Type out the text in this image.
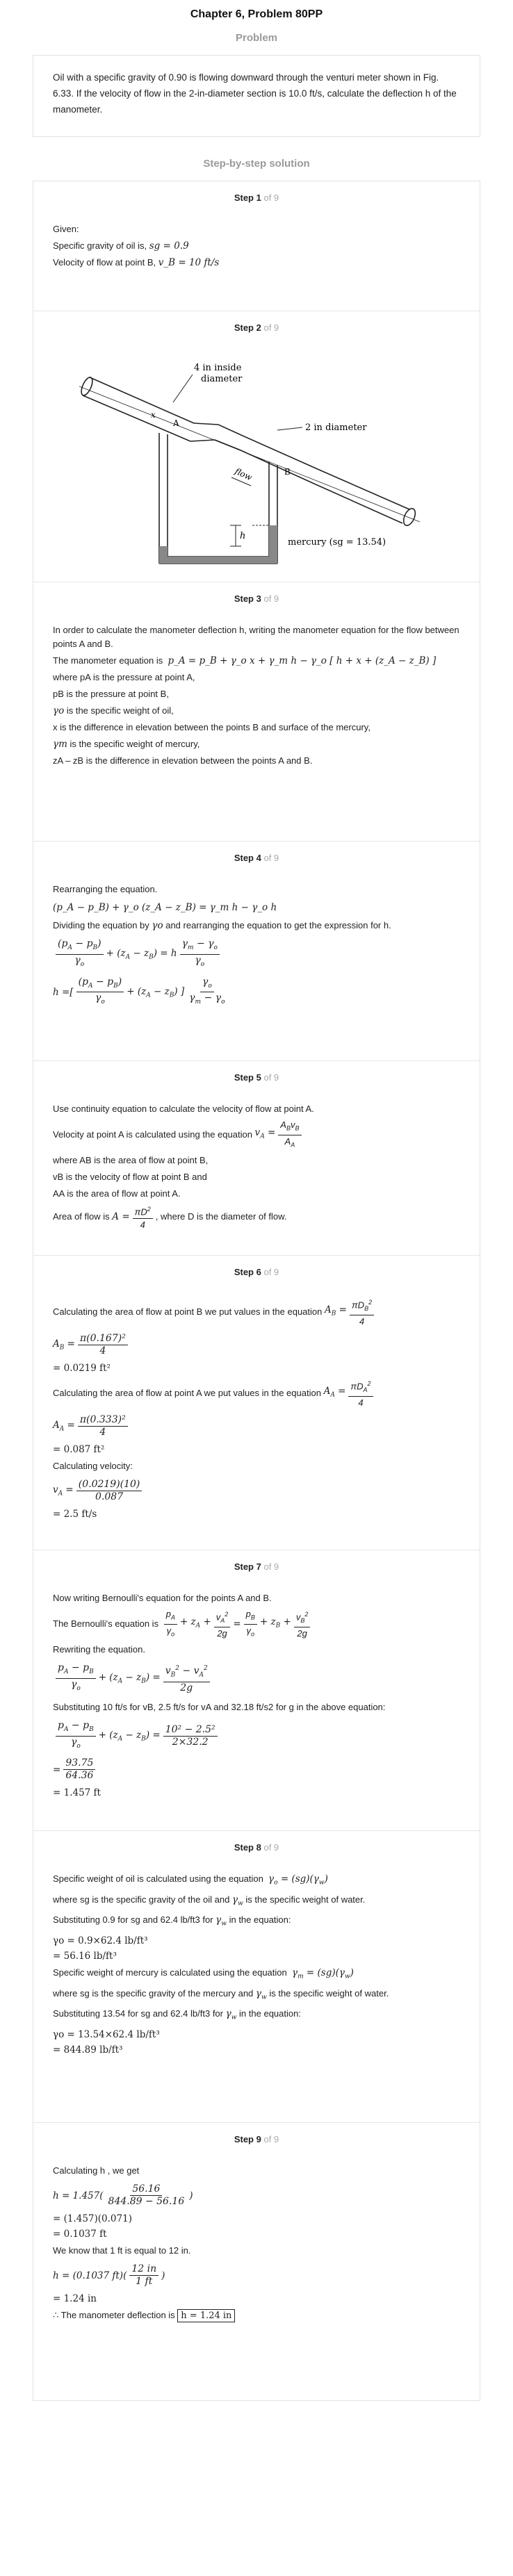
Chapter 6, Problem 80PP
Problem
Oil with a specific gravity of 0.90 is flowing downward through the venturi meter shown in Fig. 6.33. If the velocity of flow in the 2-in-diameter section is 10.0 ft/s, calculate the deflection h of the manometer.
Step-by-step solution
Step 1 of 9
Given:
Specific gravity of oil is, sg = 0.9
Velocity of flow at point B, v_B = 10 ft/s
Step 2 of 9
h
4 in inside
diameter
2 in diameter
A
B
x
flow
mercury (sg = 13.54)
Step 3 of 9
In order to calculate the manometer deflection h, writing the manometer equation for the flow between points A and B.
The manometer equation is p_A = p_B + γ_o x + γ_m h − γ_o [ h + x + (z_A − z_B) ]
where pA is the pressure at point A,
pB is the pressure at point B,
γo is the specific weight of oil,
x is the difference in elevation between the points B and surface of the mercury,
γm is the specific weight of mercury,
zA – zB is the difference in elevation between the points A and B.
Step 4 of 9
Rearranging the equation.
(p_A − p_B) + γ_o (z_A − z_B) = γ_m h − γ_o h
Dividing the equation by γo and rearranging the equation to get the expression for h.
$\frac{(p_A - p_B)}{\gamma_o} + (z_A - z_B) = h \frac{\gamma_m - \gamma_o}{\gamma_o}$
h = [ $\frac{(p_A - p_B)}{\gamma_o} + (z_A - z_B)$ ] $\frac{\gamma_o}{\gamma_m - \gamma_o}$
Step 5 of 9
Use continuity equation to calculate the velocity of flow at point A.
Velocity at point A is calculated using the equation
$v_A = \frac{A_Bv_B}{A_A}$
where AB is the area of flow at point B,
vB is the velocity of flow at point B and
AA is the area of flow at point A.
Area of flow is
$A = \frac{\pi D^2}{4}$ , where D is the diameter of flow.
Step 6 of 9
Calculating the area of flow at point B we put values in the equation
$A_B = \frac{\pi D_B^2}{4}$
$A_B = \frac{\text{π(0.167)²}}{4}$
= 0.0219 ft²
Calculating the area of flow at point A we put values in the equation
$A_A = \frac{\pi D_A^2}{4}$
$A_A = \frac{\text{π(0.333)²}}{4}$
= 0.087 ft²
Calculating velocity:
$v_A = \frac{(0.0219)(10)}{0.087}$
= 2.5 ft/s
Step 7 of 9
Now writing Bernoulli's equation for the points A and B.
The Bernoulli's equation is
$\frac{p_A}{\gamma_o} + z_A + \frac{v_A^2}{2g} = \frac{p_B}{\gamma_o} + z_B + \frac{v_B^2}{2g}$
Rewriting the equation.
$\frac{p_A - p_B}{\gamma_o} + (z_A - z_B) = \frac{v_B^2 - v_A^2}{2g}$
Substituting 10 ft/s for vB, 2.5 ft/s for vA and 32.18 ft/s2 for g in the above equation:
$\frac{p_A - p_B}{\gamma_o} + (z_A - z_B) = \frac{\text{10² − 2.5²}}{2\times 32.2}$
= $\frac{93.75}{64.36}$
= 1.457 ft
Step 8 of 9
Specific weight of oil is calculated using the equation $\gamma_o = (sg)(\gamma_w)$
where sg is the specific gravity of the oil and $\gamma_w$ is the specific weight of water.
Substituting 0.9 for sg and 62.4 lb/ft3 for $\gamma_w$ in the equation:
γo = 0.9×62.4 lb/ft³
= 56.16 lb/ft³
Specific weight of mercury is calculated using the equation $\gamma_m = (sg)(\gamma_w)$
where sg is the specific gravity of the mercury and $\gamma_w$ is the specific weight of water.
Substituting 13.54 for sg and 62.4 lb/ft3 for $\gamma_w$ in the equation:
γo = 13.54×62.4 lb/ft³
= 844.89 lb/ft³
Step 9 of 9
Calculating h , we get
h = 1.457 ( $\frac{56.16}{844.89 - 56.16}$ )
= (1.457)(0.071)
= 0.1037 ft
We know that 1 ft is equal to 12 in.
h = (0.1037 ft) ( $\frac{12 in}{1 ft}$ )
= 1.24 in
∴ The manometer deflection is h = 1.24 in
